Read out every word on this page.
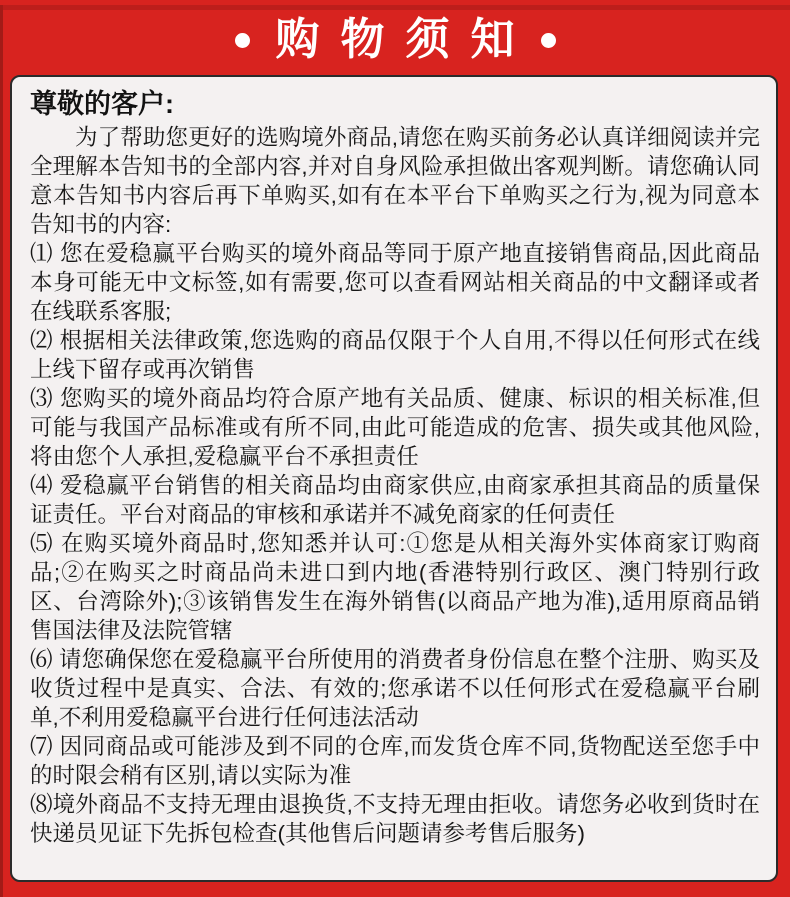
购物须知
尊敬的客户:

为了帮助您更好的选购境外商品,请您在购买前务必认真详细阅读并完全理解本告知书的全部内容,并对自身风险承担做出客观判断。请您确认同意本告知书内容后再下单购买,如有在本平台下单购买之行为,视为同意本告知书的内容:

⑴ 您在爱稳赢平台购买的境外商品等同于原产地直接销售商品,因此商品本身可能无中文标签,如有需要,您可以查看网站相关商品的中文翻译或者在线联系客服;

⑵ 根据相关法律政策,您选购的商品仅限于个人自用,不得以任何形式在线上线下留存或再次销售

⑶ 您购买的境外商品均符合原产地有关品质、健康、标识的相关标准,但可能与我国产品标准或有所不同,由此可能造成的危害、损失或其他风险,将由您个人承担,爱稳赢平台不承担责任

⑷ 爱稳赢平台销售的相关商品均由商家供应,由商家承担其商品的质量保证责任。平台对商品的审核和承诺并不减免商家的任何责任

⑸ 在购买境外商品时,您知悉并认可:①您是从相关海外实体商家订购商品;②在购买之时商品尚未进口到内地(香港特别行政区、澳门特别行政区、台湾除外);③该销售发生在海外销售(以商品产地为准),适用原商品销售国法律及法院管辖

⑹ 请您确保您在爱稳赢平台所使用的消费者身份信息在整个注册、购买及收货过程中是真实、合法、有效的;您承诺不以任何形式在爱稳赢平台刷单,不利用爱稳赢平台进行任何违法活动

⑺ 因同商品或可能涉及到不同的仓库,而发货仓库不同,货物配送至您手中的时限会稍有区别,请以实际为准

⑻境外商品不支持无理由退换货,不支持无理由拒收。请您务必收到货时在快递员见证下先拆包检查(其他售后问题请参考售后服务)
